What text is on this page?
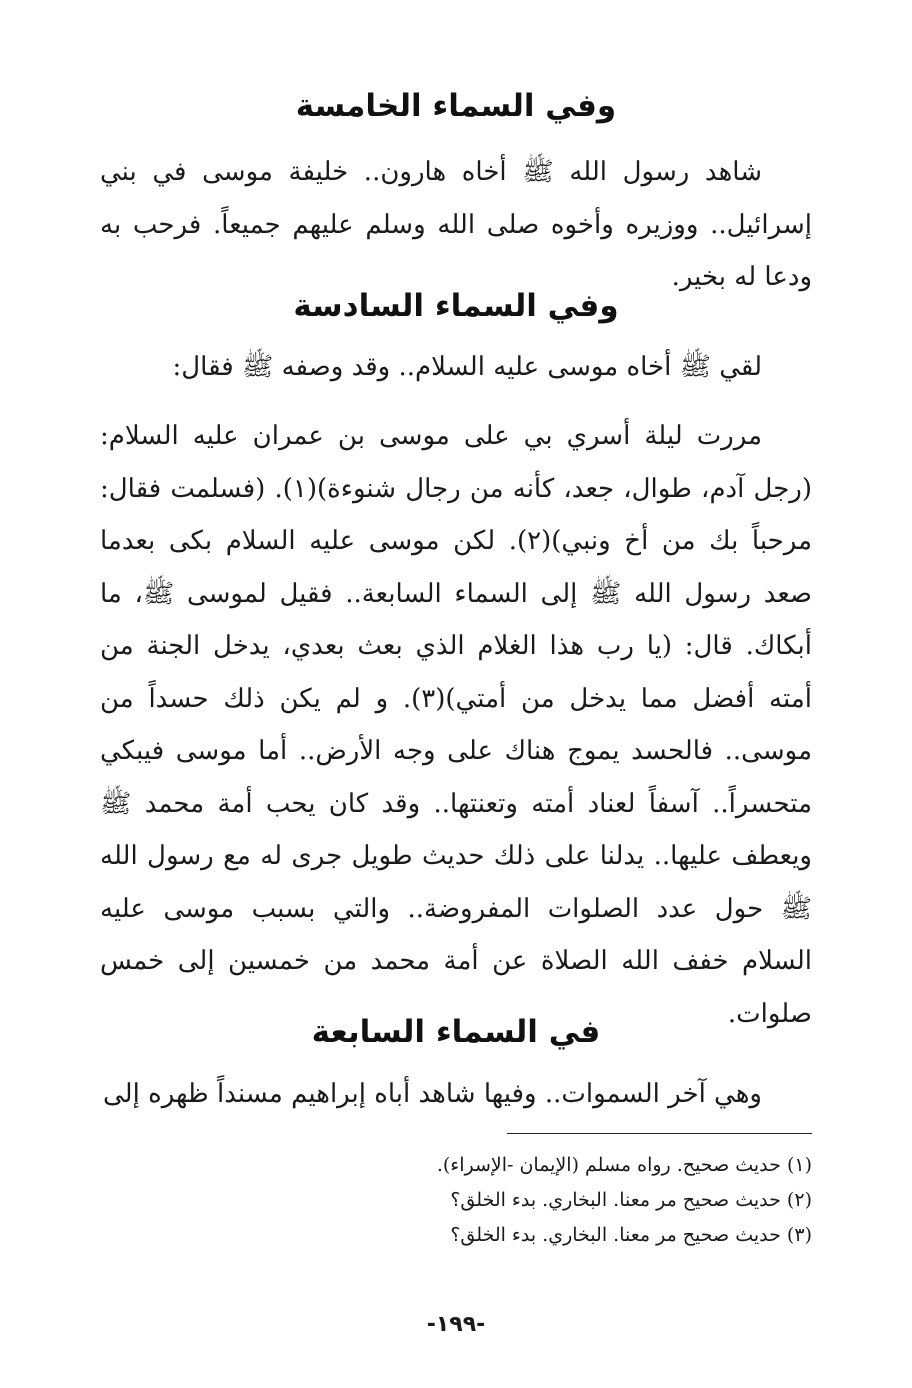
وفي السماء الخامسة
شاهد رسول الله ﷺ أخاه هارون.. خليفة موسى في بني إسرائيل.. ووزيره وأخوه صلى الله وسلم عليهم جميعاً. فرحب به ودعا له بخير.
وفي السماء السادسة
لقي ﷺ أخاه موسى عليه السلام.. وقد وصفه ﷺ فقال:
مررت ليلة أسري بي على موسى بن عمران عليه السلام: (رجل آدم، طوال، جعد، كأنه من رجال شنوءة)(١). (فسلمت فقال: مرحباً بك من أخ ونبي)(٢). لكن موسى عليه السلام بكى بعدما صعد رسول الله ﷺ إلى السماء السابعة.. فقيل لموسى ﷺ، ما أبكاك. قال: (يا رب هذا الغلام الذي بعث بعدي، يدخل الجنة من أمته أفضل مما يدخل من أمتي)(٣). و لم يكن ذلك حسداً من موسى.. فالحسد يموج هناك على وجه الأرض.. أما موسى فيبكي متحسراً.. آسفاً لعناد أمته وتعنتها.. وقد كان يحب أمة محمد ﷺ ويعطف عليها.. يدلنا على ذلك حديث طويل جرى له مع رسول الله ﷺ حول عدد الصلوات المفروضة.. والتي بسبب موسى عليه السلام خفف الله الصلاة عن أمة محمد من خمسين إلى خمس صلوات.
في السماء السابعة
وهي آخر السموات.. وفيها شاهد أباه إبراهيم مسنداً ظهره إلى
(١) حديث صحيح. رواه مسلم (الإيمان -الإسراء).
(٢) حديث صحيح مر معنا. البخاري. بدء الخلق؟
(٣) حديث صحيح مر معنا. البخاري. بدء الخلق؟
-١٩٩-
